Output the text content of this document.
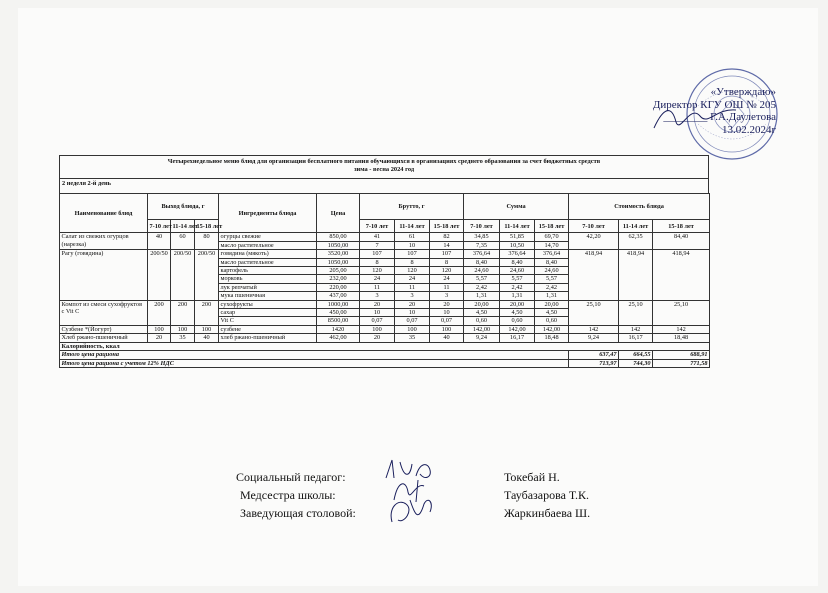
«Утверждаю»
Директор КГУ ОШ № 205
________ Г.А.Даулетова
13.02.2024г
Четырехнедельное меню блюд для организации бесплатного питания обучающихся в организациях среднего образования за счет бюджетных средств
зима - весна 2024 год
2 неделя 2-й день
Наименование блюд	Выход блюда, г			Ингредиенты блюда	Цена	Брутто, г			Сумма			Стоимость блюда		
	7-10 лет	11-14 лет	15-18 лет			7-10 лет	11-14 лет	15-18 лет	7-10 лет	11-14 лет	15-18 лет	7-10 лет	11-14 лет	15-18 лет
Салат из свежих огурцов (нарезка)	40	60	80	огурцы свежие	850,00	41	61	82	34,85	51,85	69,70	42,20	62,35	84,40
				масло растительное	1050,00	7	10	14	7,35	10,50	14,70			
Рагу (говядина)	200/50	200/50	200/50	говядина (мякоть)	3520,00	107	107	107	376,64	376,64	376,64	418,94	418,94	418,94
				масло растительное	1050,00	8	8	8	8,40	8,40	8,40			
				картофель	205,00	120	120	120	24,60	24,60	24,60			
				морковь	232,00	24	24	24	5,57	5,57	5,57			
				лук репчатый	220,00	11	11	11	2,42	2,42	2,42			
				мука пшеничная	437,00	3	3	3	1,31	1,31	1,31			
Компот из смеси сухофруктов с Vit C	200	200	200	сухофрукты	1000,00	20	20	20	20,00	20,00	20,00	25,10	25,10	25,10
				сахар	450,00	10	10	10	4,50	4,50	4,50			
				Vit C	8500,00	0,07	0,07	0,07	0,60	0,60	0,60			
Сузбене *(Йогурт)	100	100	100	сузбене	1420	100	100	100	142,00	142,00	142,00	142	142	142
Хлеб ржано-пшеничный	20	35	40	хлеб ржано-пшеничный	462,00	20	35	40	9,24	16,17	18,48	9,24	16,17	18,48
Калорийность, ккал														
Итого цена рациона												637,47	664,55	688,91
Итого цена рациона с учетом 12% НДС												713,97	744,30	771,58
Социальный педагог:	Токебай Н.
Медсестра школы:	Таубазарова Т.К.
Заведующая столовой:	Жаркинбаева Ш.
